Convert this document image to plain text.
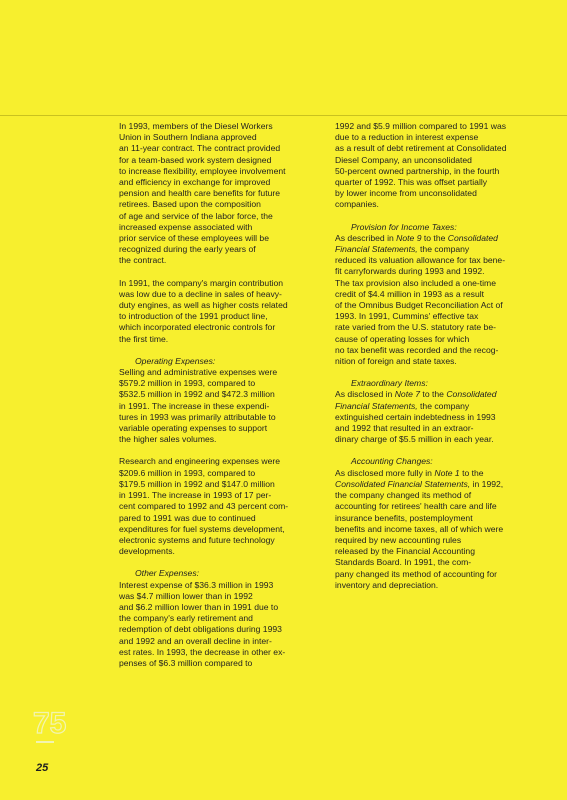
In 1993, members of the Diesel Workers
Union in Southern Indiana approved
an 11-year contract. The contract provided
for a team-based work system designed
to increase flexibility, employee involvement
and efficiency in exchange for improved
pension and health care benefits for future
retirees. Based upon the composition
of age and service of the labor force, the
increased expense associated with
prior service of these employees will be
recognized during the early years of
the contract.
In 1991, the company's margin contribution
was low due to a decline in sales of heavy-
duty engines, as well as higher costs related
to introduction of the 1991 product line,
which incorporated electronic controls for
the first time.
Operating Expenses:
Selling and administrative expenses were
$579.2 million in 1993, compared to
$532.5 million in 1992 and $472.3 million
in 1991. The increase in these expendi-
tures in 1993 was primarily attributable to
variable operating expenses to support
the higher sales volumes.
Research and engineering expenses were
$209.6 million in 1993, compared to
$179.5 million in 1992 and $147.0 million
in 1991. The increase in 1993 of 17 per-
cent compared to 1992 and 43 percent com-
pared to 1991 was due to continued
expenditures for fuel systems development,
electronic systems and future technology
developments.
Other Expenses:
Interest expense of $36.3 million in 1993
was $4.7 million lower than in 1992
and $6.2 million lower than in 1991 due to
the company's early retirement and
redemption of debt obligations during 1993
and 1992 and an overall decline in inter-
est rates. In 1993, the decrease in other ex-
penses of $6.3 million compared to
1992 and $5.9 million compared to 1991 was
due to a reduction in interest expense
as a result of debt retirement at Consolidated
Diesel Company, an unconsolidated
50-percent owned partnership, in the fourth
quarter of 1992. This was offset partially
by lower income from unconsolidated
companies.
Provision for Income Taxes:
As described in Note 9 to the Consolidated
Financial Statements, the company
reduced its valuation allowance for tax bene-
fit carryforwards during 1993 and 1992.
The tax provision also included a one-time
credit of $4.4 million in 1993 as a result
of the Omnibus Budget Reconciliation Act of
1993. In 1991, Cummins' effective tax
rate varied from the U.S. statutory rate be-
cause of operating losses for which
no tax benefit was recorded and the recog-
nition of foreign and state taxes.
Extraordinary Items:
As disclosed in Note 7 to the Consolidated
Financial Statements, the company
extinguished certain indebtedness in 1993
and 1992 that resulted in an extraor-
dinary charge of $5.5 million in each year.
Accounting Changes:
As disclosed more fully in Note 1 to the
Consolidated Financial Statements, in 1992,
the company changed its method of
accounting for retirees' health care and life
insurance benefits, postemployment
benefits and income taxes, all of which were
required by new accounting rules
released by the Financial Accounting
Standards Board. In 1991, the com-
pany changed its method of accounting for
inventory and depreciation.
75
25
